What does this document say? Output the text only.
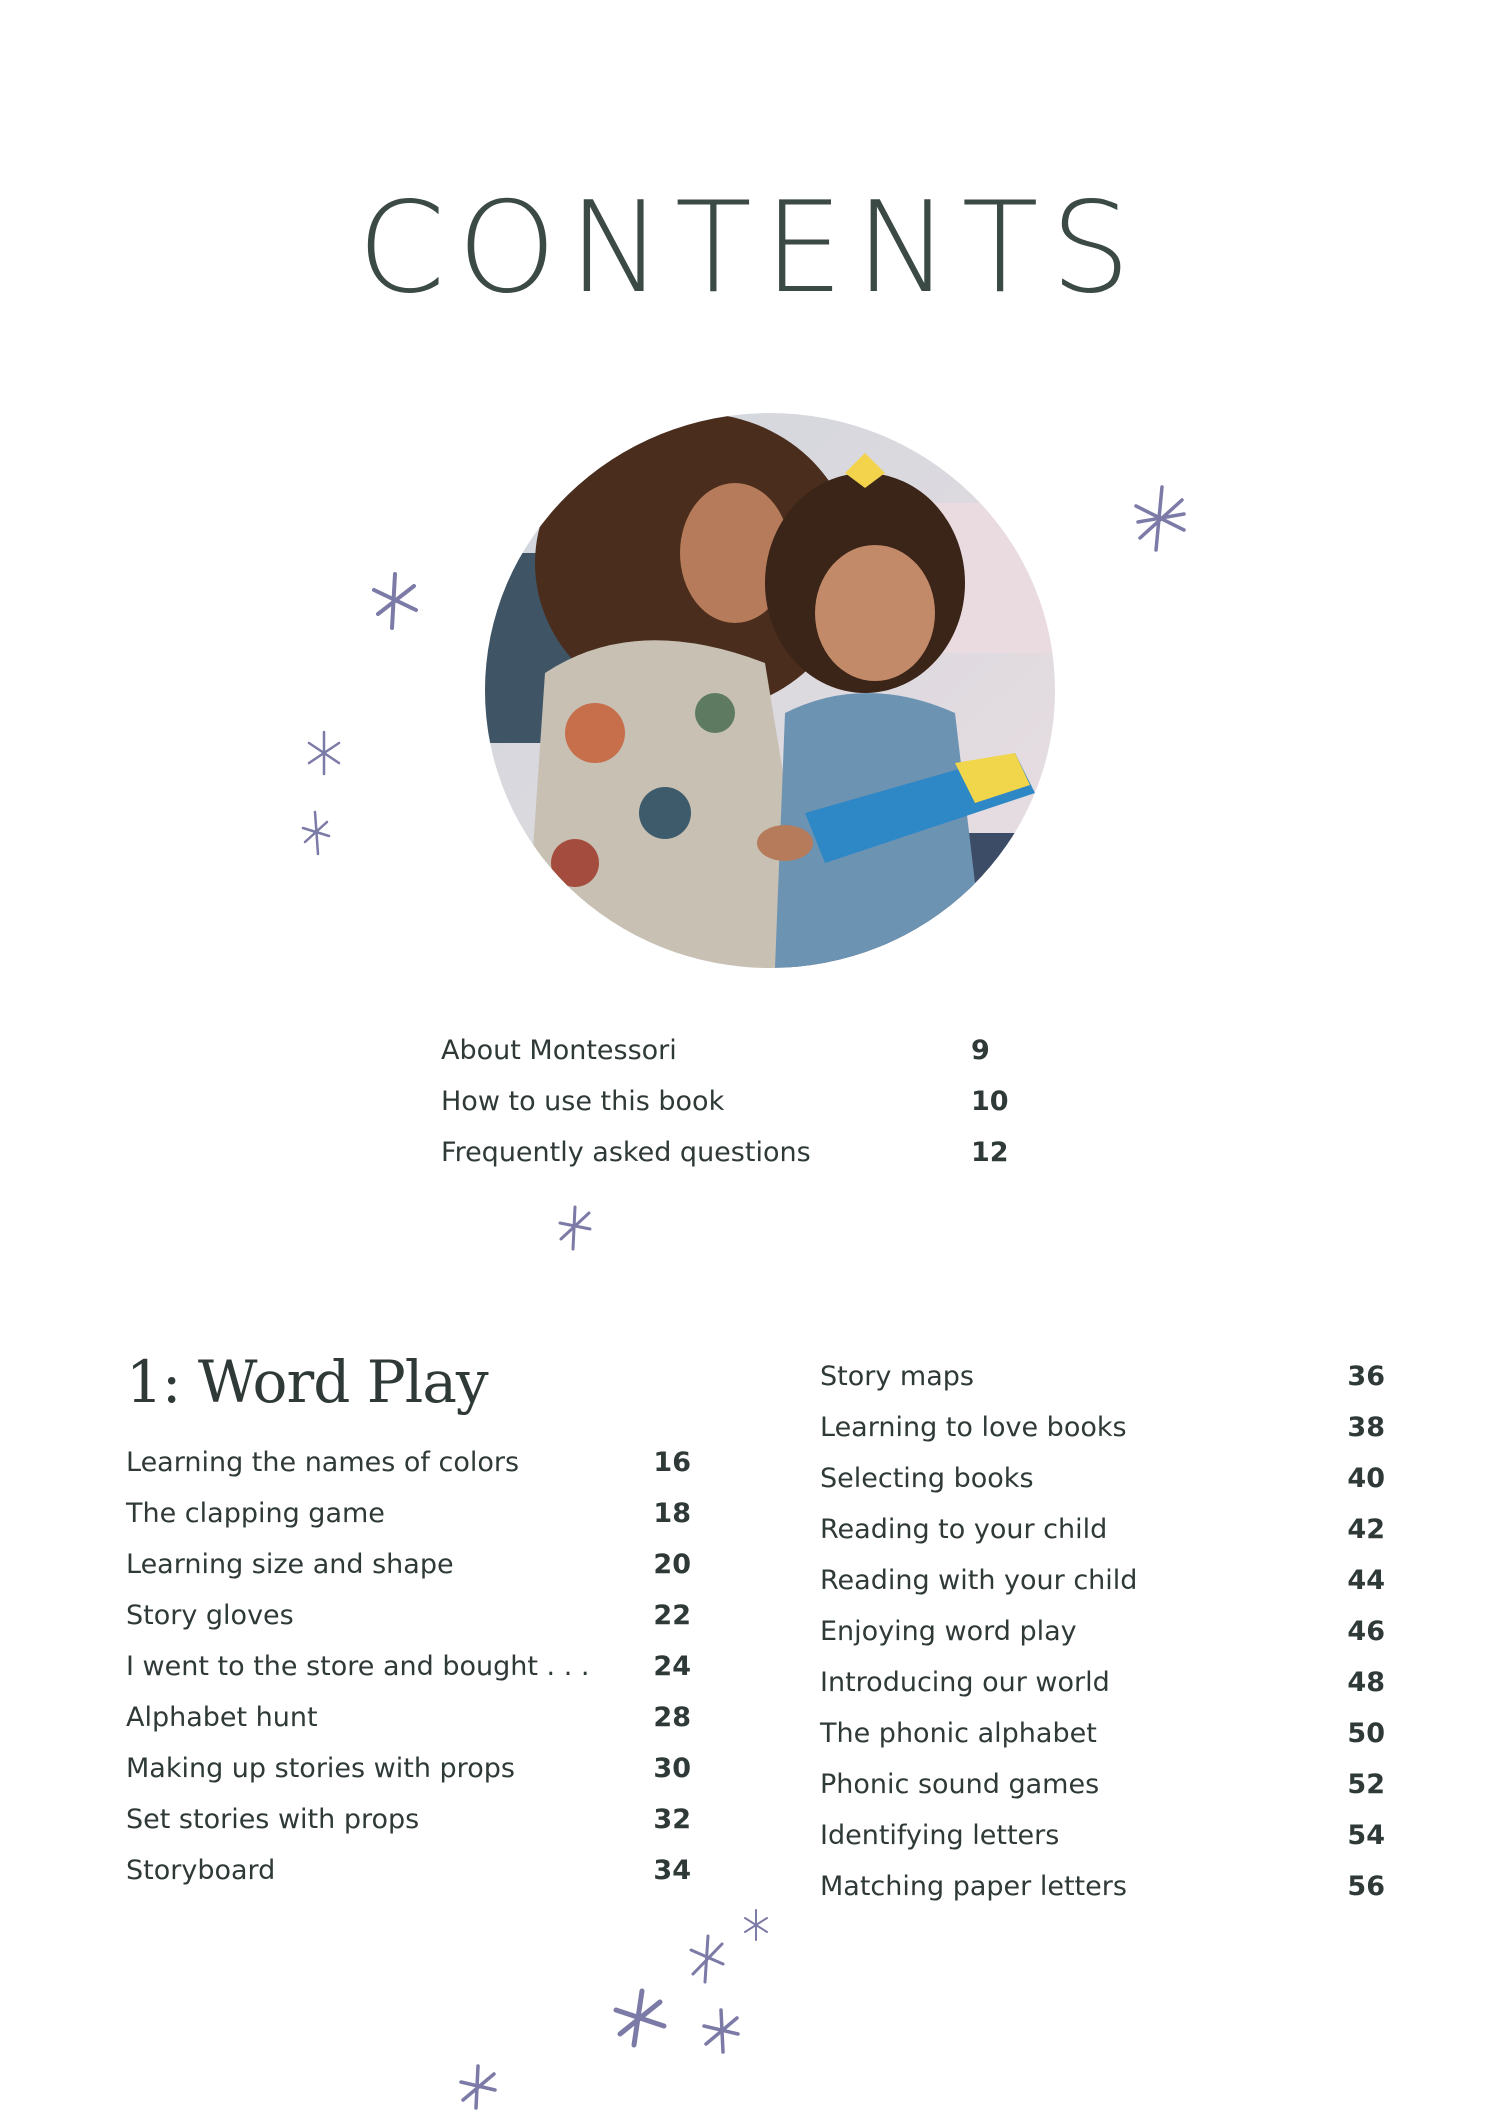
CONTENTS
About Montessori	9
How to use this book	10
Frequently asked questions	12
1: Word Play
Learning the names of colors	16
The clapping game	18
Learning size and shape	20
Story gloves	22
I went to the store and bought . . .	24
Alphabet hunt	28
Making up stories with props	30
Set stories with props	32
Storyboard	34
Story maps	36
Learning to love books	38
Selecting books	40
Reading to your child	42
Reading with your child	44
Enjoying word play	46
Introducing our world	48
The phonic alphabet	50
Phonic sound games	52
Identifying letters	54
Matching paper letters	56
